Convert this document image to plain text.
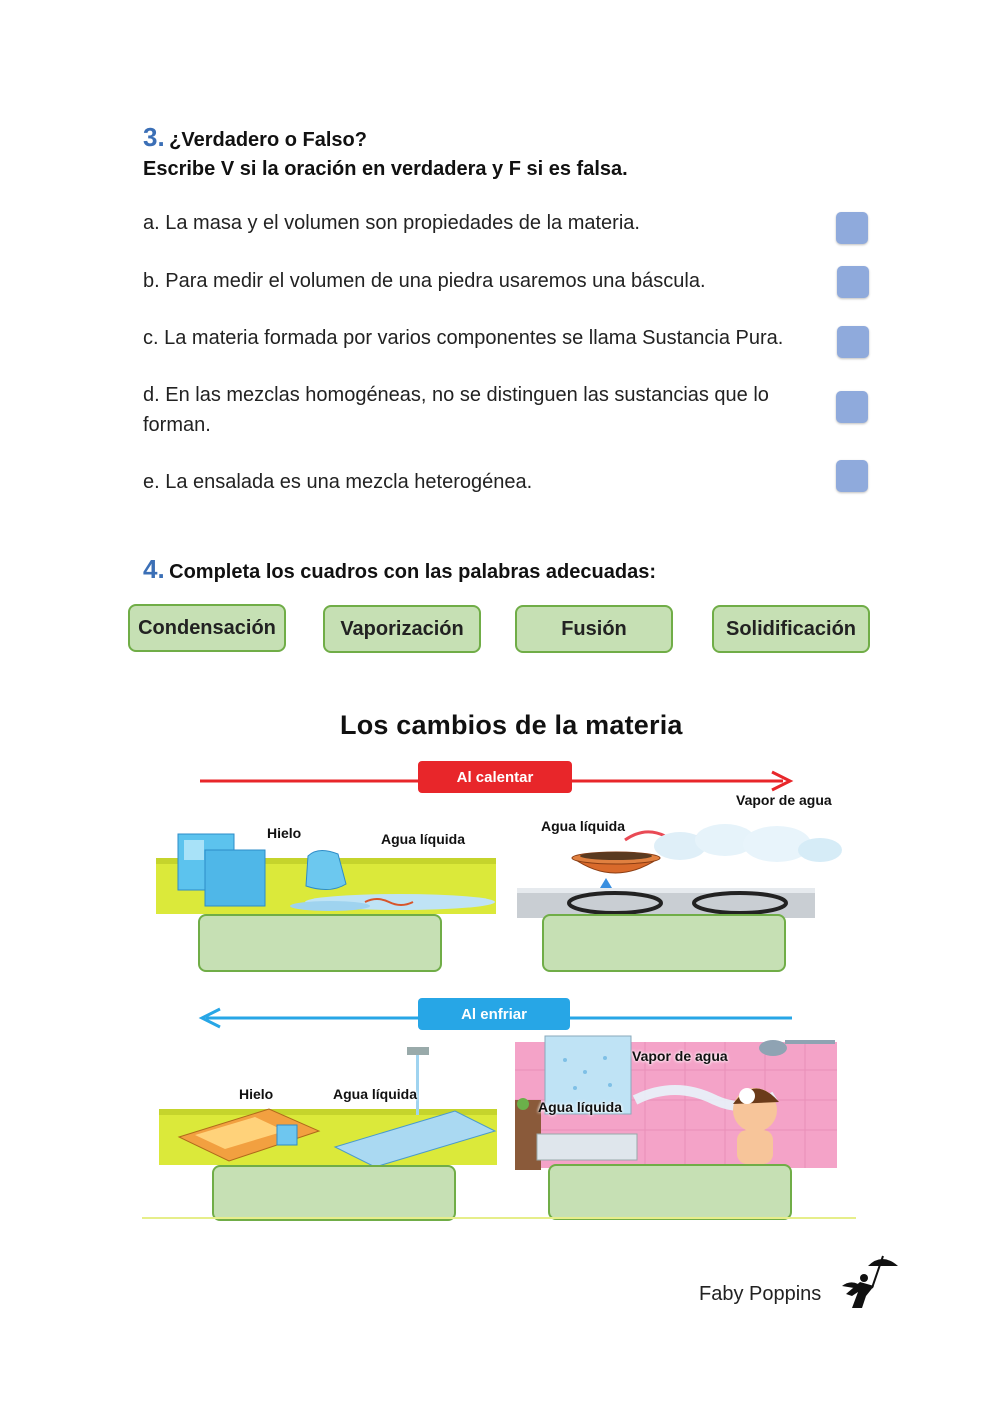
3. ¿Verdadero o Falso?
Escribe V si la oración en verdadera y F si es falsa.
a. La masa y el volumen son propiedades de la materia.
b. Para medir el volumen de una piedra usaremos una báscula.
c. La materia formada por varios componentes se llama Sustancia Pura.
d. En las mezclas homogéneas, no se distinguen las sustancias que lo forman.
e. La ensalada es una mezcla heterogénea.
4. Completa los cuadros con las palabras adecuadas:
Condensación	Vaporización	Fusión	Solidificación
Los cambios de la materia
Al calentar
Hielo	Agua líquida
Agua líquida
Vapor de agua
Al enfriar
Hielo	Agua líquida
Vapor de agua
Agua líquida
Faby Poppins
